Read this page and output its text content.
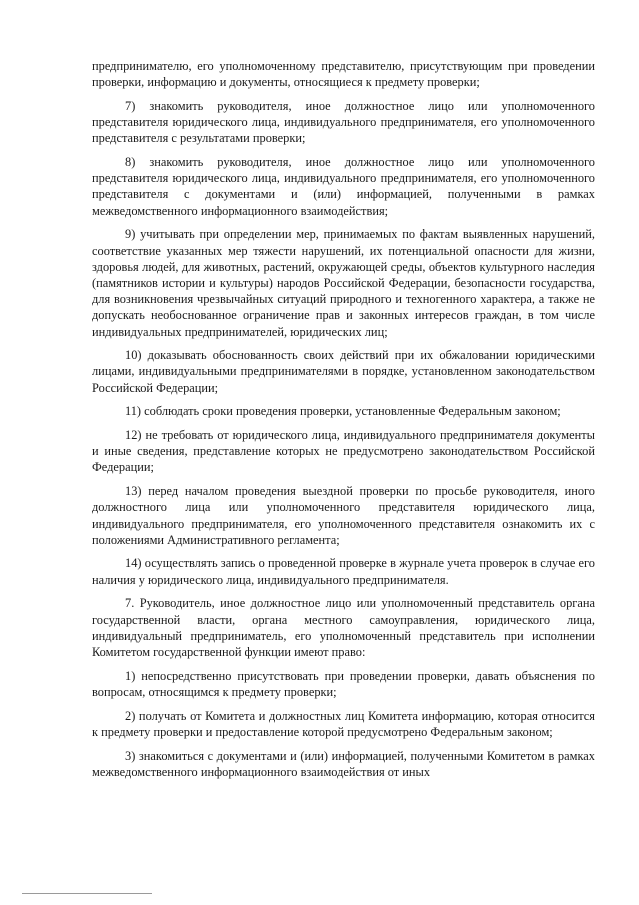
предпринимателю, его уполномоченному представителю, присутствующим при проведении проверки, информацию и документы, относящиеся к предмету проверки;

7) знакомить руководителя, иное должностное лицо или уполномоченного представителя юридического лица, индивидуального предпринимателя, его уполномоченного представителя с результатами проверки;

8) знакомить руководителя, иное должностное лицо или уполномоченного представителя юридического лица, индивидуального предпринимателя, его уполномоченного представителя с документами и (или) информацией, полученными в рамках межведомственного информационного взаимодействия;

9) учитывать при определении мер, принимаемых по фактам выявленных нарушений, соответствие указанных мер тяжести нарушений, их потенциальной опасности для жизни, здоровья людей, для животных, растений, окружающей среды, объектов культурного наследия (памятников истории и культуры) народов Российской Федерации, безопасности государства, для возникновения чрезвычайных ситуаций природного и техногенного характера, а также не допускать необоснованное ограничение прав и законных интересов граждан, в том числе индивидуальных предпринимателей, юридических лиц;

10) доказывать обоснованность своих действий при их обжаловании юридическими лицами, индивидуальными предпринимателями в порядке, установленном законодательством Российской Федерации;

11) соблюдать сроки проведения проверки, установленные Федеральным законом;

12) не требовать от юридического лица, индивидуального предпринимателя документы и иные сведения, представление которых не предусмотрено законодательством Российской Федерации;

13) перед началом проведения выездной проверки по просьбе руководителя, иного должностного лица или уполномоченного представителя юридического лица, индивидуального предпринимателя, его уполномоченного представителя ознакомить их с положениями Административного регламента;

14) осуществлять запись о проведенной проверке в журнале учета проверок в случае его наличия у юридического лица, индивидуального предпринимателя.

7. Руководитель, иное должностное лицо или уполномоченный представитель органа государственной власти, органа местного самоуправления, юридического лица, индивидуальный предприниматель, его уполномоченный представитель при исполнении Комитетом государственной функции имеют право:

1) непосредственно присутствовать при проведении проверки, давать объяснения по вопросам, относящимся к предмету проверки;

2) получать от Комитета и должностных лиц Комитета информацию, которая относится к предмету проверки и предоставление которой предусмотрено Федеральным законом;

3) знакомиться с документами и (или) информацией, полученными Комитетом в рамках межведомственного информационного взаимодействия от иных
